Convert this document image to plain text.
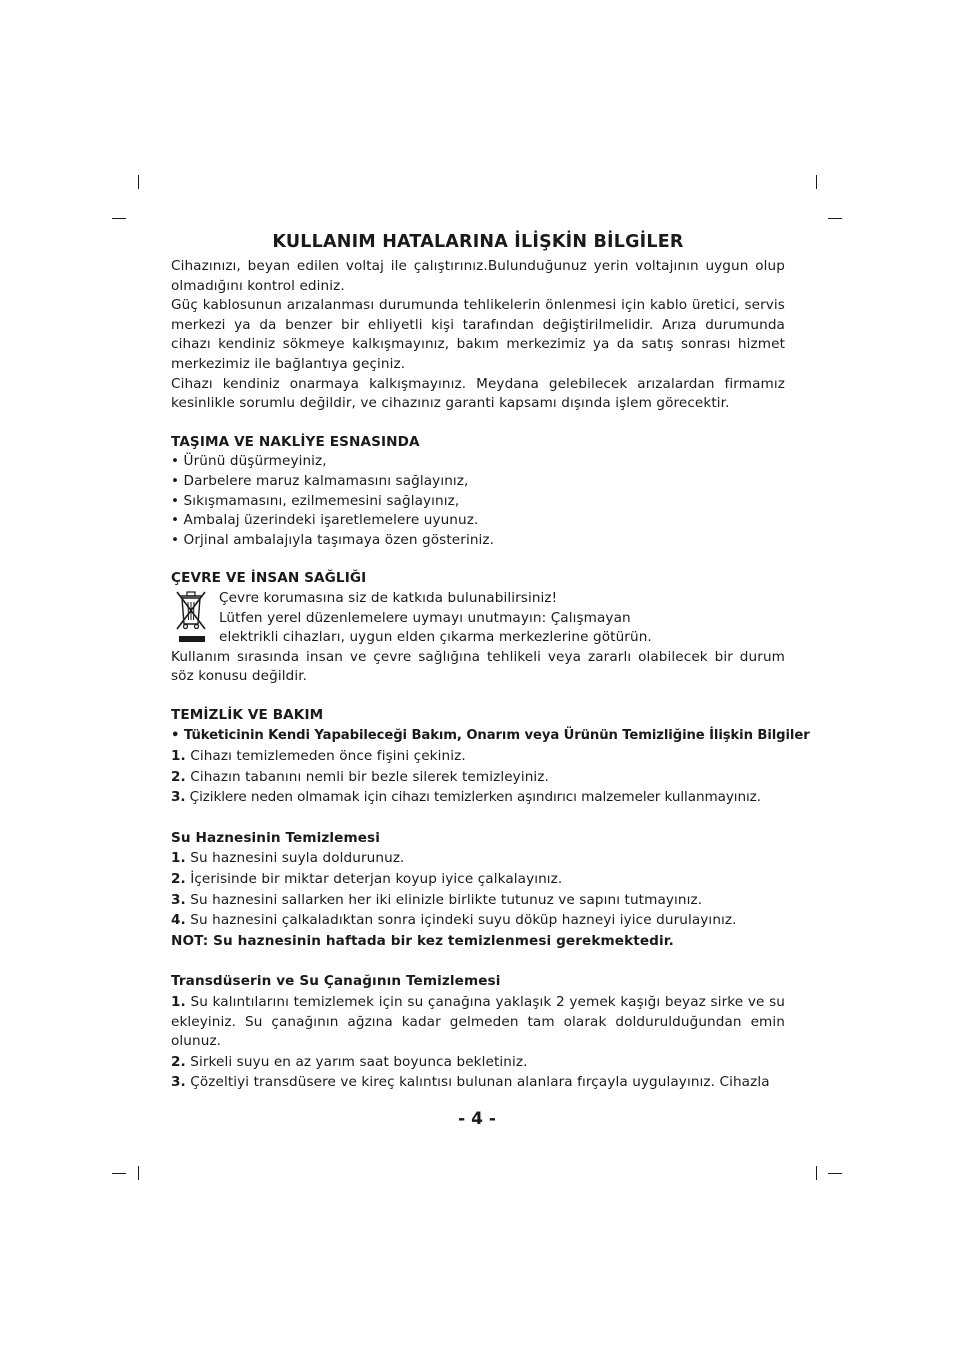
KULLANIM HATALARINA İLİŞKİN BİLGİLER

Cihazınızı, beyan edilen voltaj ile çalıştırınız.Bulunduğunuz yerin voltajının uygun olup olmadığını kontrol ediniz.

Güç kablosunun arızalanması durumunda tehlikelerin önlenmesi için kablo üretici, servis merkezi ya da benzer bir ehliyetli kişi tarafından değiştirilmelidir. Arıza durumunda cihazı kendiniz sökmeye kalkışmayınız, bakım merkezimiz ya da satış sonrası hizmet merkezimiz ile bağlantıya geçiniz.

Cihazı kendiniz onarmaya kalkışmayınız. Meydana gelebilecek arızalardan firmamız kesinlikle sorumlu değildir, ve cihazınız garanti kapsamı dışında işlem görecektir.

TAŞIMA VE NAKLİYE ESNASINDA
• Ürünü düşürmeyiniz,
• Darbelere maruz kalmamasını sağlayınız,
• Sıkışmamasını, ezilmemesini sağlayınız,
• Ambalaj üzerindeki işaretlemelere uyunuz.
• Orjinal ambalajıyla taşımaya özen gösteriniz.
ÇEVRE VE İNSAN SAĞLIĞI
Çevre korumasına siz de katkıda bulunabilirsiniz!
Lütfen yerel düzenlemelere uymayı unutmayın: Çalışmayan
elektrikli cihazları, uygun elden çıkarma merkezlerine götürün.

Kullanım sırasında insan ve çevre sağlığına tehlikeli veya zararlı olabilecek bir durum söz konusu değildir.

TEMİZLİK VE BAKIM
• Tüketicinin Kendi Yapabileceği Bakım, Onarım veya Ürünün Temizliğine İlişkin Bilgiler
1. Cihazı temizlemeden önce fişini çekiniz.
2. Cihazın tabanını nemli bir bezle silerek temizleyiniz.
3. Çiziklere neden olmamak için cihazı temizlerken aşındırıcı malzemeler kullanmayınız.
Su Haznesinin Temizlemesi
1. Su haznesini suyla doldurunuz.
2. İçerisinde bir miktar deterjan koyup iyice çalkalayınız.
3. Su haznesini sallarken her iki elinizle birlikte tutunuz ve sapını tutmayınız.
4. Su haznesini çalkaladıktan sonra içindeki suyu döküp hazneyi iyice durulayınız.
NOT: Su haznesinin haftada bir kez temizlenmesi gerekmektedir.
Transdüserin ve Su Çanağının Temizlemesi

1. Su kalıntılarını temizlemek için su çanağına yaklaşık 2 yemek kaşığı beyaz sirke ve su ekleyiniz. Su çanağının ağzına kadar gelmeden tam olarak doldurulduğundan emin olunuz.

2. Sirkeli suyu en az yarım saat boyunca bekletiniz.
3. Çözeltiyi transdüsere ve kireç kalıntısı bulunan alanlara fırçayla uygulayınız. Cihazla
- 4 -
